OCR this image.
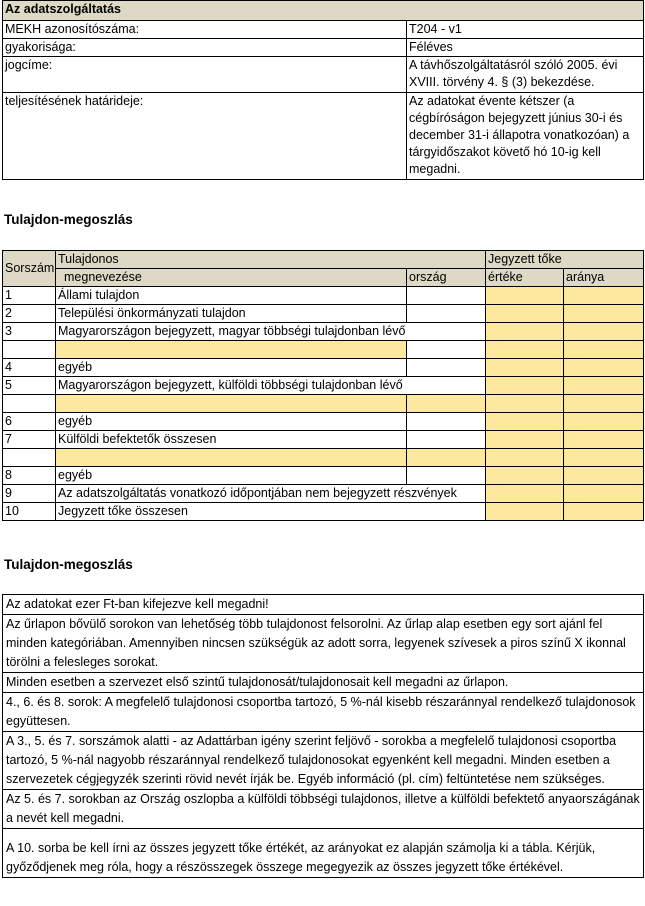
Az adatszolgáltatás	
MEKH azonosítószáma:	T204 - v1
gyakorisága:	Féléves
jogcíme:	A távhőszolgáltatásról szóló 2005. évi XVIII. törvény 4. § (3) bekezdése.
teljesítésének határideje:	Az adatokat évente kétszer (a cégbíróságon bejegyzett június 30-i és december 31-i állapotra vonatkozóan) a tárgyidőszakot követő hó 10-ig kell megadni.
Tulajdon-megoszlás
Sorszám	Tulajdonos		Jegyzett tőke	
	megnevezése	ország	értéke	aránya
1	Állami tulajdon			
2	Települési önkormányzati tulajdon			
3	Magyarországon bejegyzett, magyar többségi tulajdonban lévő			

4	egyéb			
5	Magyarországon bejegyzett, külföldi többségi tulajdonban lévő			

6	egyéb			
7	Külföldi befektetők összesen			

8	egyéb			
9	Az adatszolgáltatás vonatkozó időpontjában nem bejegyzett részvények			
10	Jegyzett tőke összesen			
Tulajdon-megoszlás
Az adatokat ezer Ft-ban kifejezve kell megadni!
Az űrlapon bővülő sorokon van lehetőség több tulajdonost felsorolni. Az űrlap alap esetben egy sort ajánl fel minden kategóriában. Amennyiben nincsen szükségük az adott sorra, legyenek szívesek a piros színű X ikonnal törölni a felesleges sorokat.
Minden esetben a szervezet első szintű tulajdonosát/tulajdonosait kell megadni az űrlapon.
4., 6. és 8. sorok: A megfelelő tulajdonosi csoportba tartozó, 5 %-nál kisebb részaránnyal rendelkező tulajdonosok együttesen.
A 3., 5. és 7. sorszámok alatti - az Adattárban igény szerint feljövő - sorokba a megfelelő tulajdonosi csoportba tartozó, 5 %-nál nagyobb részaránnyal rendelkező tulajdonosokat egyenként kell megadni. Minden esetben a szervezetek cégjegyzék szerinti rövid nevét írják be. Egyéb információ (pl. cím) feltüntetése nem szükséges.
Az 5. és 7. sorokban az Ország oszlopba a külföldi többségi tulajdonos, illetve a külföldi befektető anyaországának a nevét kell megadni.
A 10. sorba be kell írni az összes jegyzett tőke értékét, az arányokat ez alapján számolja ki a tábla. Kérjük, győződjenek meg róla, hogy a részösszegek összege megegyezik az összes jegyzett tőke értékével.
